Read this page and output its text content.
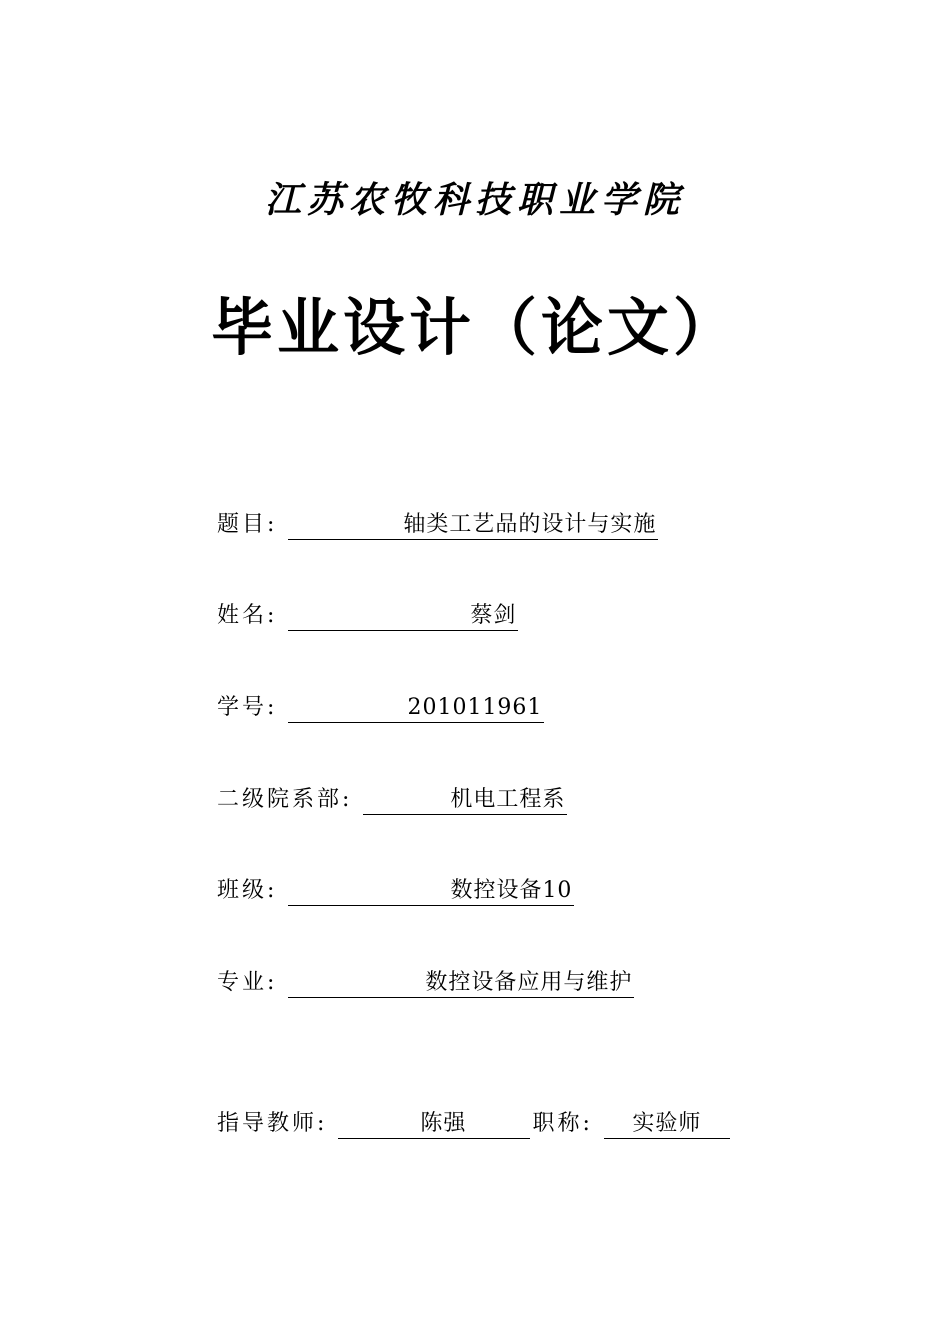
江苏农牧科技职业学院
毕业设计（论文）
题目 :	轴类工艺品的设计与实施
姓名 :	蔡剑
学号 :	201011961
二级院系部 :	机电工程系
班级 :	数控设备10
专业 :	数控设备应用与维护
指导教师 :	陈强	职称 :	实验师
